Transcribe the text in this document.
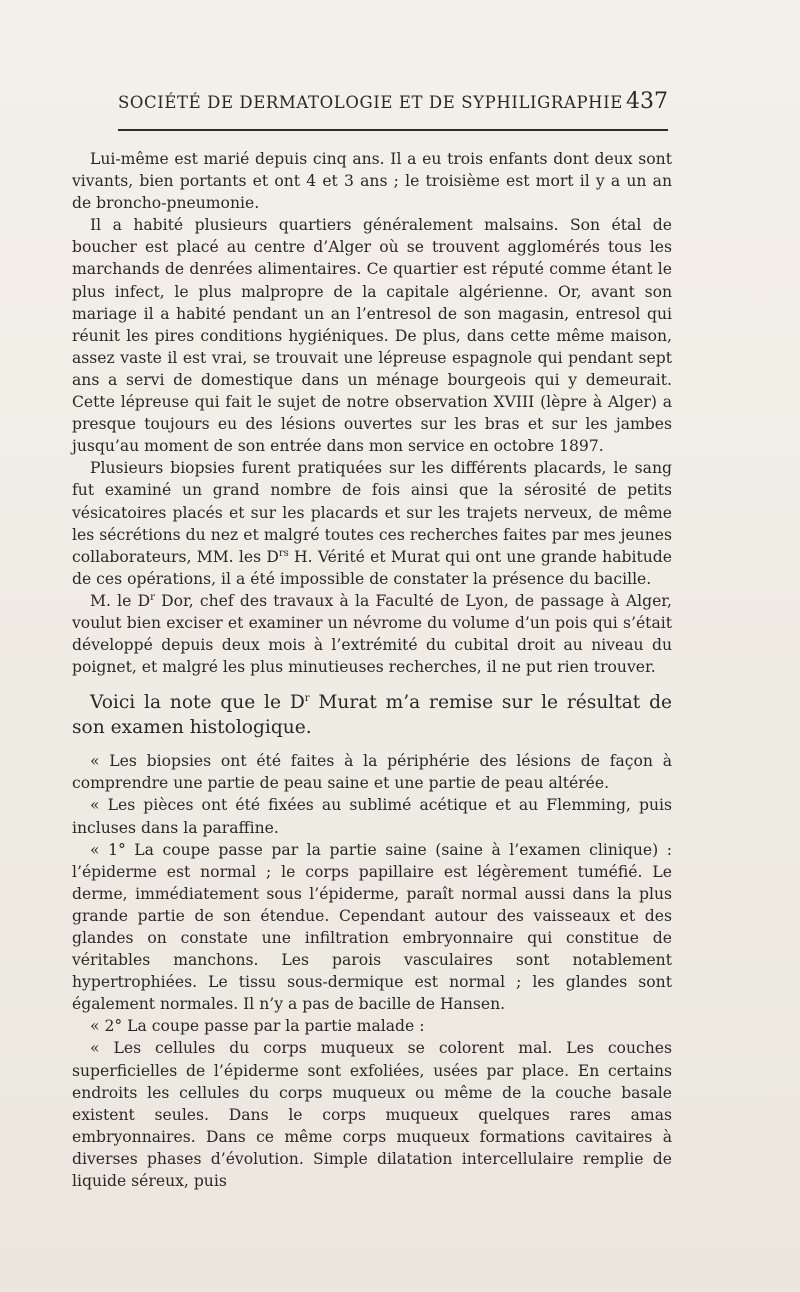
SOCIÉTÉ DE DERMATOLOGIE ET DE SYPHILIGRAPHIE 437

Lui-même est marié depuis cinq ans. Il a eu trois enfants dont deux sont vivants, bien portants et ont 4 et 3 ans ; le troisième est mort il y a un an de broncho-pneumonie.

Il a habité plusieurs quartiers généralement malsains. Son étal de boucher est placé au centre d’Alger où se trouvent agglomérés tous les marchands de denrées alimentaires. Ce quartier est réputé comme étant le plus infect, le plus malpropre de la capitale algérienne. Or, avant son mariage il a habité pendant un an l’entresol de son magasin, entresol qui réunit les pires conditions hygiéniques. De plus, dans cette même maison, assez vaste il est vrai, se trouvait une lépreuse espagnole qui pendant sept ans a servi de domestique dans un ménage bourgeois qui y demeurait. Cette lépreuse qui fait le sujet de notre observation XVIII (lèpre à Alger) a presque toujours eu des lésions ouvertes sur les bras et sur les jambes jusqu’au moment de son entrée dans mon service en octobre 1897.

Plusieurs biopsies furent pratiquées sur les différents placards, le sang fut examiné un grand nombre de fois ainsi que la sérosité de petits vésicatoires placés et sur les placards et sur les trajets nerveux, de même les sécrétions du nez et malgré toutes ces recherches faites par mes jeunes collaborateurs, MM. les $D^{rs}$ H. Vérité et Murat qui ont une grande habitude de ces opérations, il a été impossible de constater la présence du bacille.

M. le $D^r$ Dor, chef des travaux à la Faculté de Lyon, de passage à Alger, voulut bien exciser et examiner un névrome du volume d’un pois qui s’était développé depuis deux mois à l’extrémité du cubital droit au niveau du poignet, et malgré les plus minutieuses recherches, il ne put rien trouver.

Voici la note que le $D^r$ Murat m’a remise sur le résultat de son examen histologique.

« Les biopsies ont été faites à la périphérie des lésions de façon à comprendre une partie de peau saine et une partie de peau altérée.

« Les pièces ont été fixées au sublimé acétique et au Flemming, puis incluses dans la paraffine.

« 1° La coupe passe par la partie saine (saine à l’examen clinique) : l’épiderme est normal ; le corps papillaire est légèrement tuméfié. Le derme, immédiatement sous l’épiderme, paraît normal aussi dans la plus grande partie de son étendue. Cependant autour des vaisseaux et des glandes on constate une infiltration embryonnaire qui constitue de véritables manchons. Les parois vasculaires sont notablement hypertrophiées. Le tissu sous-dermique est normal ; les glandes sont également normales. Il n’y a pas de bacille de Hansen.

« 2° La coupe passe par la partie malade :

« Les cellules du corps muqueux se colorent mal. Les couches superficielles de l’épiderme sont exfoliées, usées par place. En certains endroits les cellules du corps muqueux ou même de la couche basale existent seules. Dans le corps muqueux quelques rares amas embryonnaires. Dans ce même corps muqueux formations cavitaires à diverses phases d’évolution. Simple dilatation intercellulaire remplie de liquide séreux, puis
